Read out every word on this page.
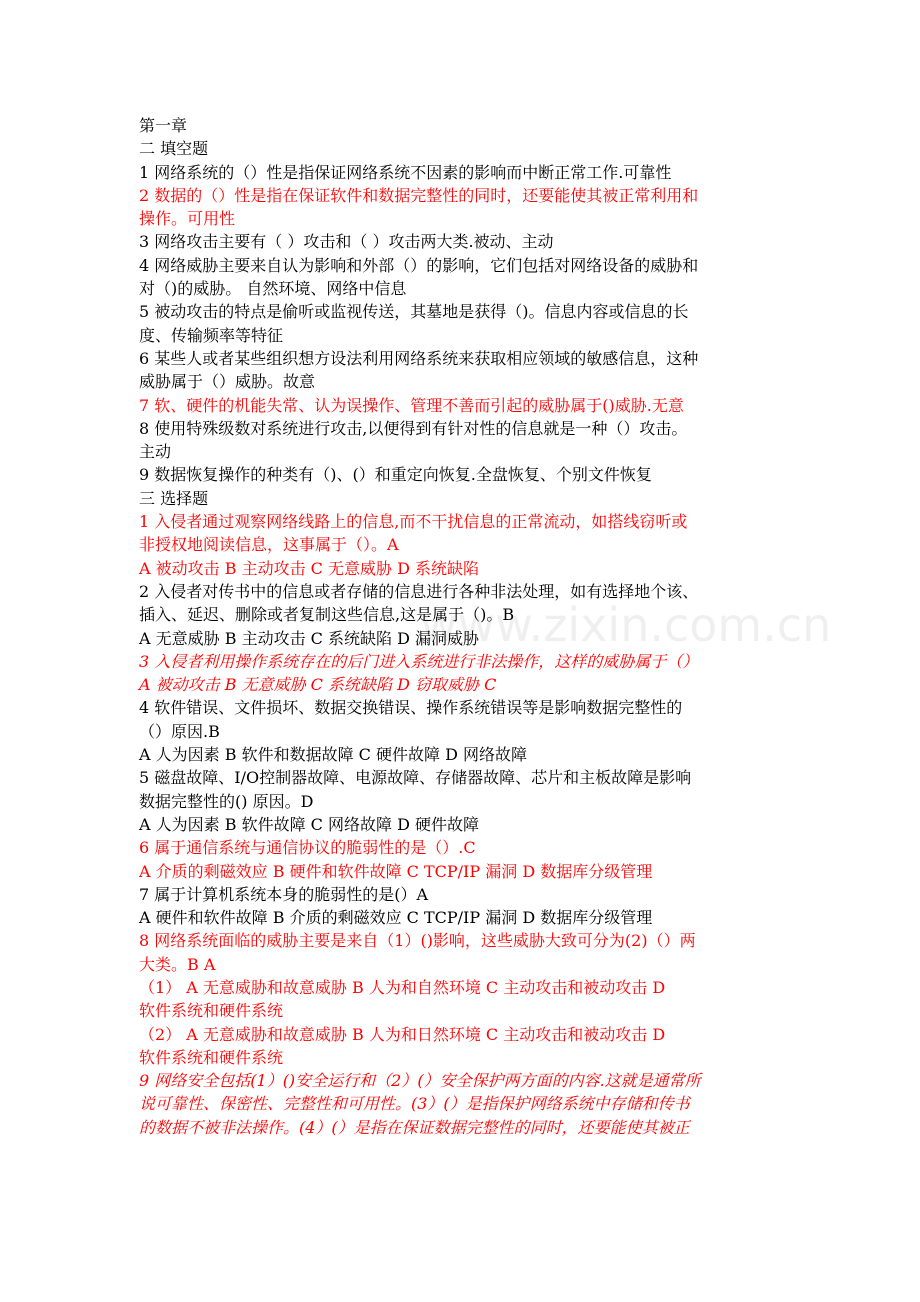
www.zixin.com.cn
第一章
二 填空题
1 网络系统的（）性是指保证网络系统不因素的影响而中断正常工作.可靠性
2 数据的（）性是指在保证软件和数据完整性的同时，还要能使其被正常利用和
操作。可用性
3 网络攻击主要有（ ）攻击和（ ）攻击两大类.被动、主动
4 网络威胁主要来自认为影响和外部（）的影响，它们包括对网络设备的威胁和
对（)的威胁。 自然环境、网络中信息
5 被动攻击的特点是偷听或监视传送，其墓地是获得（)。信息内容或信息的长
度、传输频率等特征
6 某些人或者某些组织想方设法利用网络系统来获取相应领域的敏感信息，这种
威胁属于（）威胁。故意
7 软、硬件的机能失常、认为误操作、管理不善而引起的威胁属于()威胁.无意
8 使用特殊级数对系统进行攻击,以便得到有针对性的信息就是一种（）攻击。
主动
9 数据恢复操作的种类有（)、(）和重定向恢复.全盘恢复、个别文件恢复
三 选择题
1 入侵者通过观察网络线路上的信息,而不干扰信息的正常流动，如搭线窃听或
非授权地阅读信息，这事属于（）。A
A 被动攻击 B 主动攻击 C 无意威胁 D 系统缺陷
2 入侵者对传书中的信息或者存储的信息进行各种非法处理，如有选择地个该、
插入、延迟、删除或者复制这些信息,这是属于（)。B
A 无意威胁 B 主动攻击 C 系统缺陷 D 漏洞威胁
3 入侵者利用操作系统存在的后门进入系统进行非法操作，这样的威胁属于（）
A 被动攻击 B 无意威胁 C 系统缺陷 D 窃取威胁 C
4 软件错误、文件损坏、数据交换错误、操作系统错误等是影响数据完整性的
（）原因.B
A 人为因素 B 软件和数据故障 C 硬件故障 D 网络故障
5 磁盘故障、I/O控制器故障、电源故障、存储器故障、芯片和主板故障是影响
数据完整性的() 原因。D
A 人为因素 B 软件故障 C 网络故障 D 硬件故障
6 属于通信系统与通信协议的脆弱性的是（）.C
A 介质的剩磁效应 B 硬件和软件故障 C TCP/IP 漏洞 D 数据库分级管理
7 属于计算机系统本身的脆弱性的是(）A
A 硬件和软件故障 B 介质的剩磁效应 C TCP/IP 漏洞 D 数据库分级管理
8 网络系统面临的威胁主要是来自（1）()影响，这些威胁大致可分为(2)（）两
大类。B A
（1） A 无意威胁和故意威胁 B 人为和自然环境 C 主动攻击和被动攻击 D
软件系统和硬件系统
（2） A 无意威胁和故意威胁 B 人为和日然环境 C 主动攻击和被动攻击 D
软件系统和硬件系统
9 网络安全包括(1）()安全运行和（2）(）安全保护两方面的内容.这就是通常所
说可靠性、保密性、完整性和可用性。(3）(）是指保护网络系统中存储和传书
的数据不被非法操作。(4）(）是指在保证数据完整性的同时，还要能使其被正
